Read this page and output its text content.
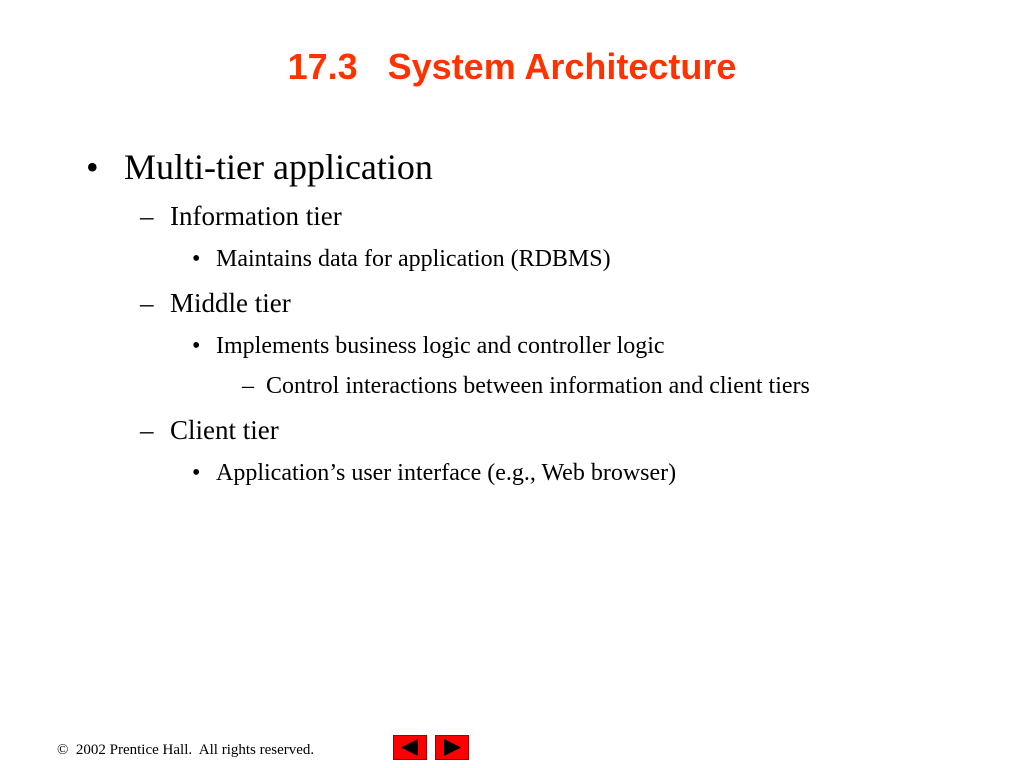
17.3   System Architecture
• Multi-tier application

– Information tier

• Maintains data for application (RDBMS)

– Middle tier

• Implements business logic and controller logic

– Control interactions between information and client tiers

– Client tier

• Application’s user interface (e.g., Web browser)

©  2002 Prentice Hall.  All rights reserved.
